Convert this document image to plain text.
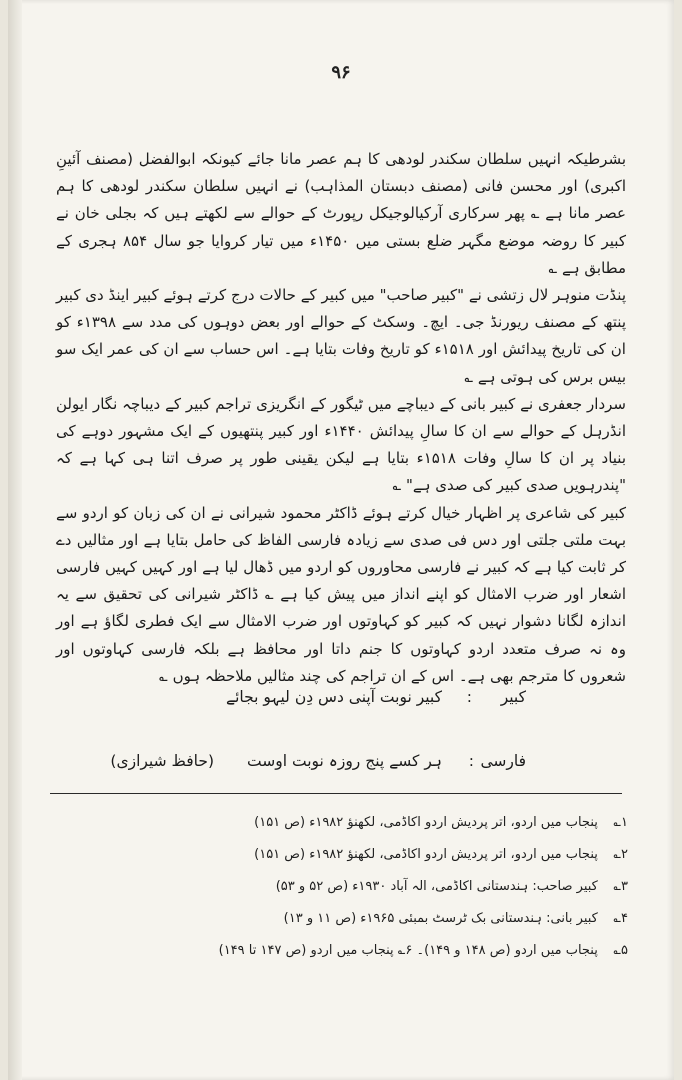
۹۶

بشرطیکہ انہیں سلطان سکندر لودھی کا ہم عصر مانا جائے کیونکہ ابوالفضل (مصنف آئینِ اکبری) اور محسن فانی (مصنف دبستان المذاہب) نے انہیں سلطان سکندر لودھی کا ہم عصر مانا ہے ؎ پھر سرکاری آرکیالوجیکل رپورٹ کے حوالے سے لکھتے ہیں کہ بجلی خان نے کبیر کا روضہ موضع مگہر ضلع بستی میں ۱۴۵۰ء میں تیار کروایا جو سال ۸۵۴ ہجری کے مطابق ہے ؎

پنڈت منوہر لال زتشی نے "کبیر صاحب" میں کبیر کے حالات درج کرتے ہوئے کبیر اینڈ دی کبیر پنتھ کے مصنف ریورنڈ جی۔ ایچ۔ وسکٹ کے حوالے اور بعض دوہوں کی مدد سے ۱۳۹۸ء کو ان کی تاریخ پیدائش اور ۱۵۱۸ء کو تاریخ وفات بتایا ہے۔ اس حساب سے ان کی عمر ایک سو بیس برس کی ہوتی ہے ؎

سردار جعفری نے کبیر بانی کے دیباچے میں ٹیگور کے انگریزی تراجم کبیر کے دیباچہ نگار ایولن انڈرہل کے حوالے سے ان کا سالِ پیدائش ۱۴۴۰ء اور کبیر پنتھیوں کے ایک مشہور دوہے کی بنیاد پر ان کا سالِ وفات ۱۵۱۸ء بتایا ہے لیکن یقینی طور پر صرف اتنا ہی کہا ہے کہ "پندرہویں صدی کبیر کی صدی ہے" ؎

کبیر کی شاعری پر اظہار خیال کرتے ہوئے ڈاکٹر محمود شیرانی نے ان کی زبان کو اردو سے بہت ملتی جلتی اور دس فی صدی سے زیادہ فارسی الفاظ کی حامل بتایا ہے اور مثالیں دے کر ثابت کیا ہے کہ کبیر نے فارسی محاوروں کو اردو میں ڈھال لیا ہے اور کہیں کہیں فارسی اشعار اور ضرب الامثال کو اپنے انداز میں پیش کیا ہے ؎ ڈاکٹر شیرانی کی تحقیق سے یہ اندازہ لگانا دشوار نہیں کہ کبیر کو کہاوتوں اور ضرب الامثال سے ایک فطری لگاؤ ہے اور وہ نہ صرف متعدد اردو کہاوتوں کا جنم داتا اور محافظ ہے بلکہ فارسی کہاوتوں اور شعروں کا مترجم بھی ہے۔ اس کے ان تراجم کی چند مثالیں ملاحظہ ہوں ؎

کبیر
:
کبیر نوبت آپنی دس دِن لیہو بجائے
فارسی
:
ہر کسے پنج روزہ نوبت اوست
(حافظ شیرازی)
۱؎ پنجاب میں اردو، اتر پردیش اردو اکاڈمی، لکھنؤ ۱۹۸۲ء (ص ۱۵۱)
۲؎ پنجاب میں اردو، اتر پردیش اردو اکاڈمی، لکھنؤ ۱۹۸۲ء (ص ۱۵۱)
۳؎ کبیر صاحب: ہندستانی اکاڈمی، الہ آباد ۱۹۳۰ء (ص ۵۲ و ۵۳)
۴؎ کبیر بانی: ہندستانی بک ٹرسٹ بمبئی ۱۹۶۵ء (ص ۱۱ و ۱۳)
۵؎ پنجاب میں اردو (ص ۱۴۸ و ۱۴۹)۔ ۶؎ پنجاب میں اردو (ص ۱۴۷ تا ۱۴۹)
